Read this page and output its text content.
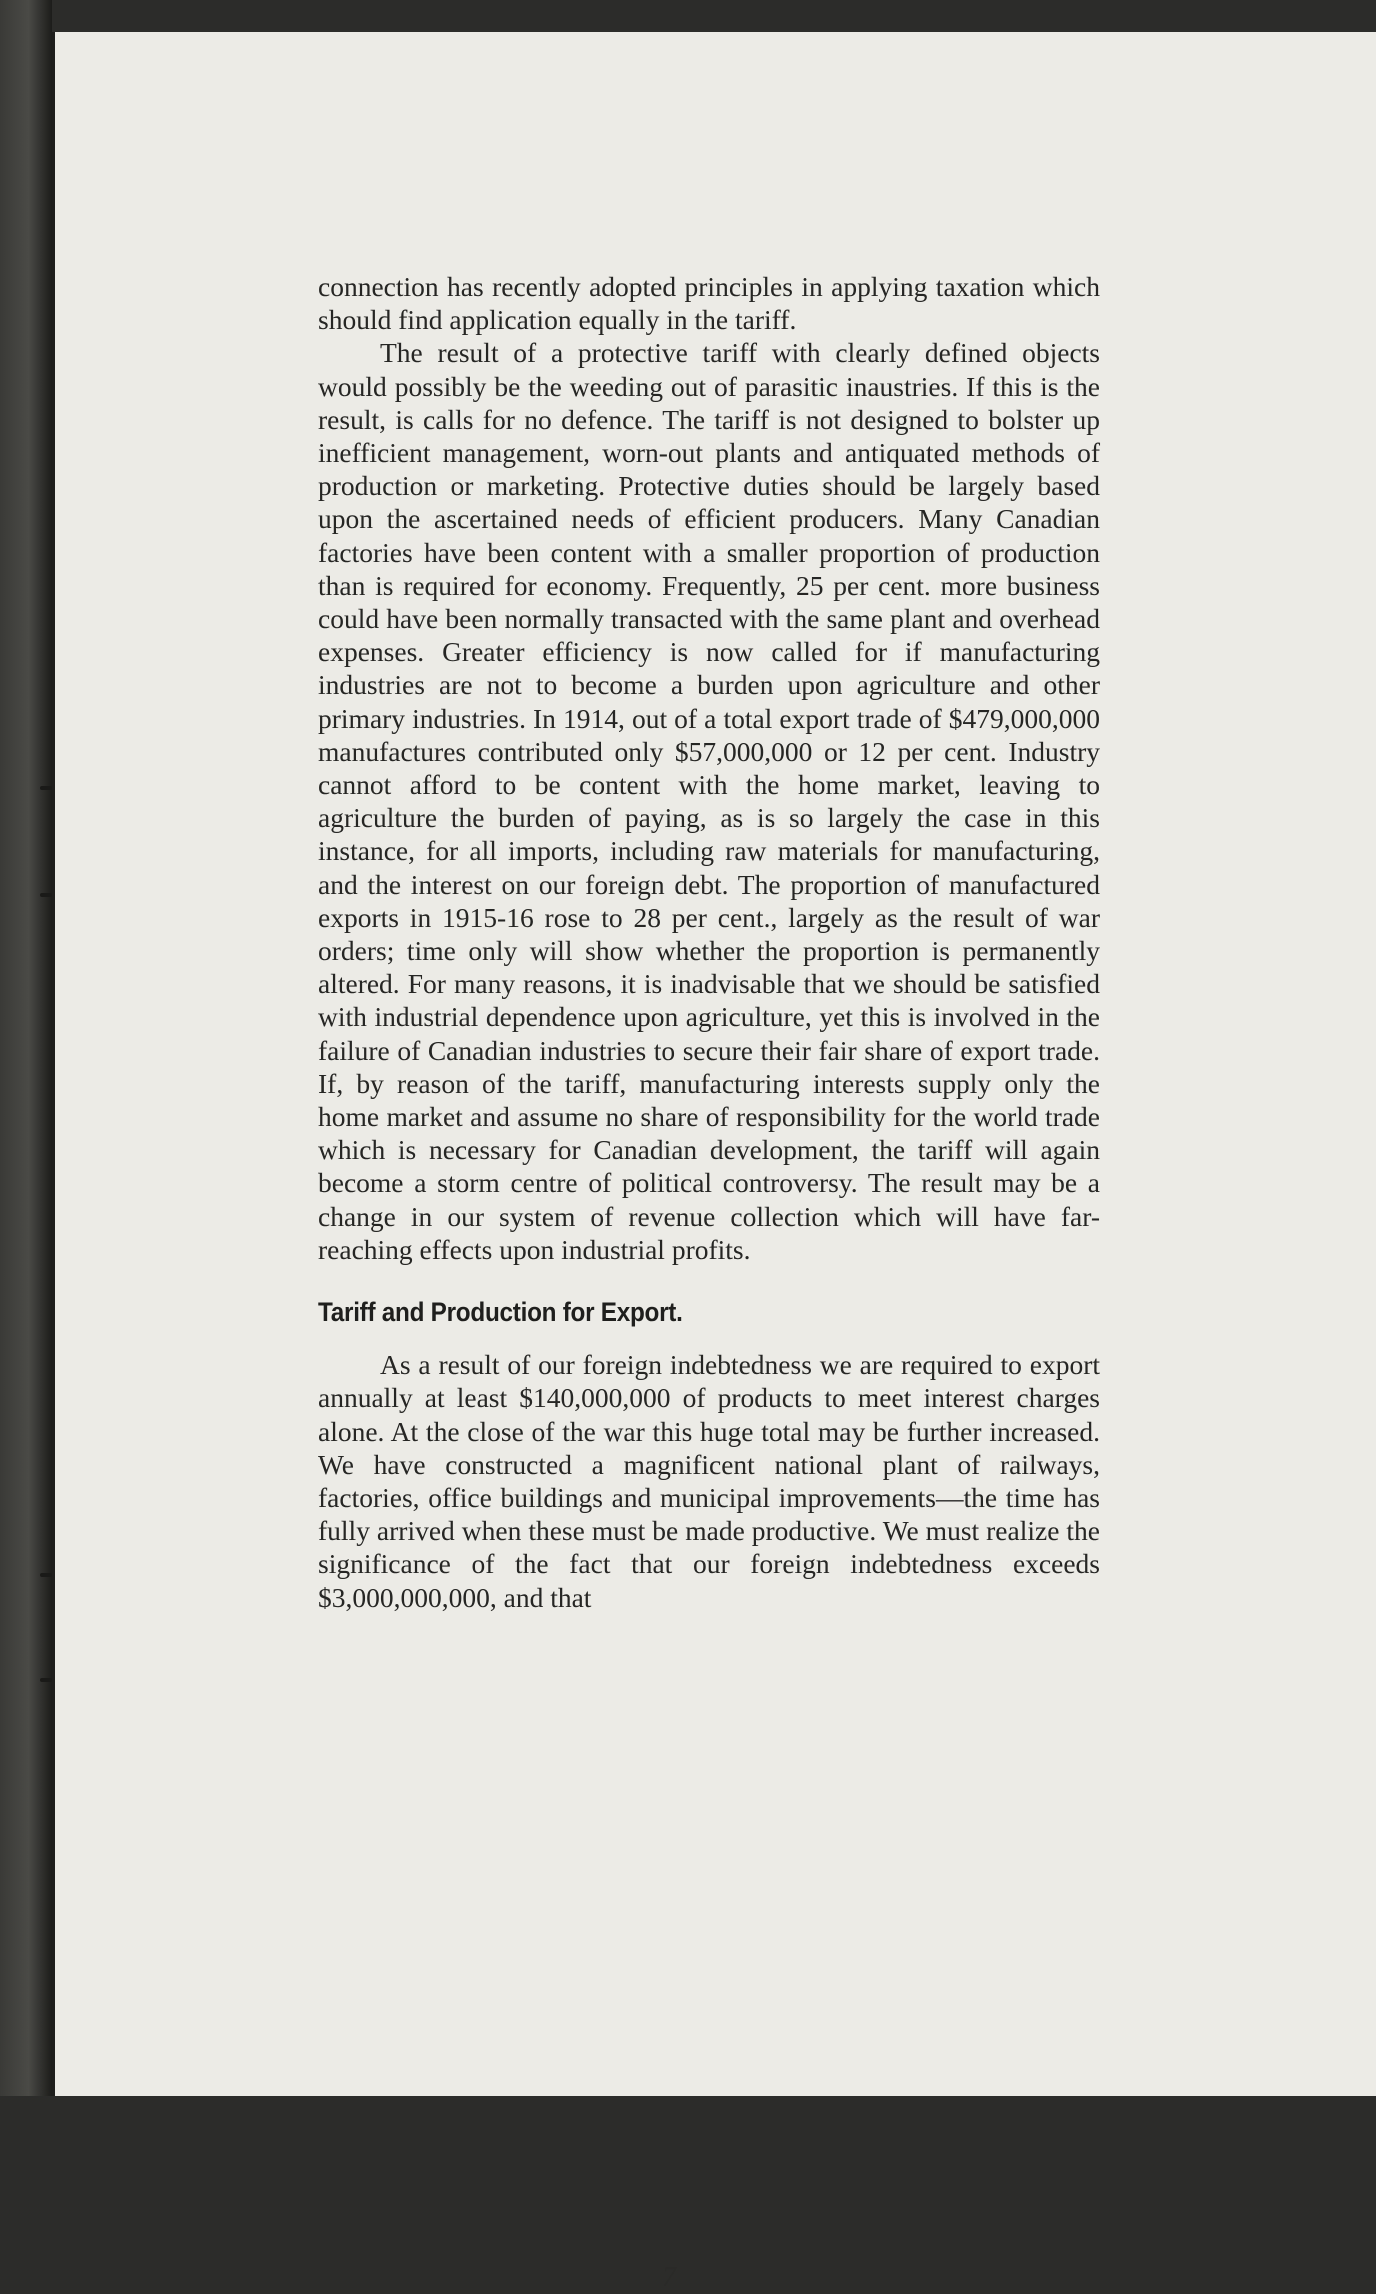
connection has recently adopted principles in applying taxation which should find application equally in the tariff.

The result of a protective tariff with clearly defined objects would possibly be the weeding out of parasitic inaustries. If this is the result, is calls for no defence. The tariff is not designed to bolster up inefficient management, worn-out plants and antiquated methods of production or marketing. Protective duties should be largely based upon the ascertained needs of efficient producers. Many Canadian factories have been content with a smaller proportion of production than is required for economy. Frequently, 25 per cent. more business could have been normally transacted with the same plant and overhead expenses. Greater efficiency is now called for if manufacturing industries are not to become a burden upon agriculture and other primary industries. In 1914, out of a total export trade of $479,000,000 manufactures contributed only $57,000,000 or 12 per cent. Industry cannot afford to be content with the home market, leaving to agriculture the burden of paying, as is so largely the case in this instance, for all imports, including raw materials for manufacturing, and the interest on our foreign debt. The proportion of manufactured exports in 1915-16 rose to 28 per cent., largely as the result of war orders; time only will show whether the proportion is permanently altered. For many reasons, it is inadvisable that we should be satisfied with industrial dependence upon agriculture, yet this is involved in the failure of Canadian industries to secure their fair share of export trade. If, by reason of the tariff, manufacturing interests supply only the home market and assume no share of responsibility for the world trade which is necessary for Canadian development, the tariff will again become a storm centre of political controversy. The result may be a change in our system of revenue collection which will have far-reaching effects upon industrial profits.

Tariff and Production for Export.

As a result of our foreign indebtedness we are required to export annually at least $140,000,000 of products to meet interest charges alone. At the close of the war this huge total may be further increased. We have constructed a magnificent national plant of railways, factories, office buildings and municipal improvements—the time has fully arrived when these must be made productive. We must realize the significance of the fact that our foreign indebtedness exceeds $3,000,000,000, and that

7
